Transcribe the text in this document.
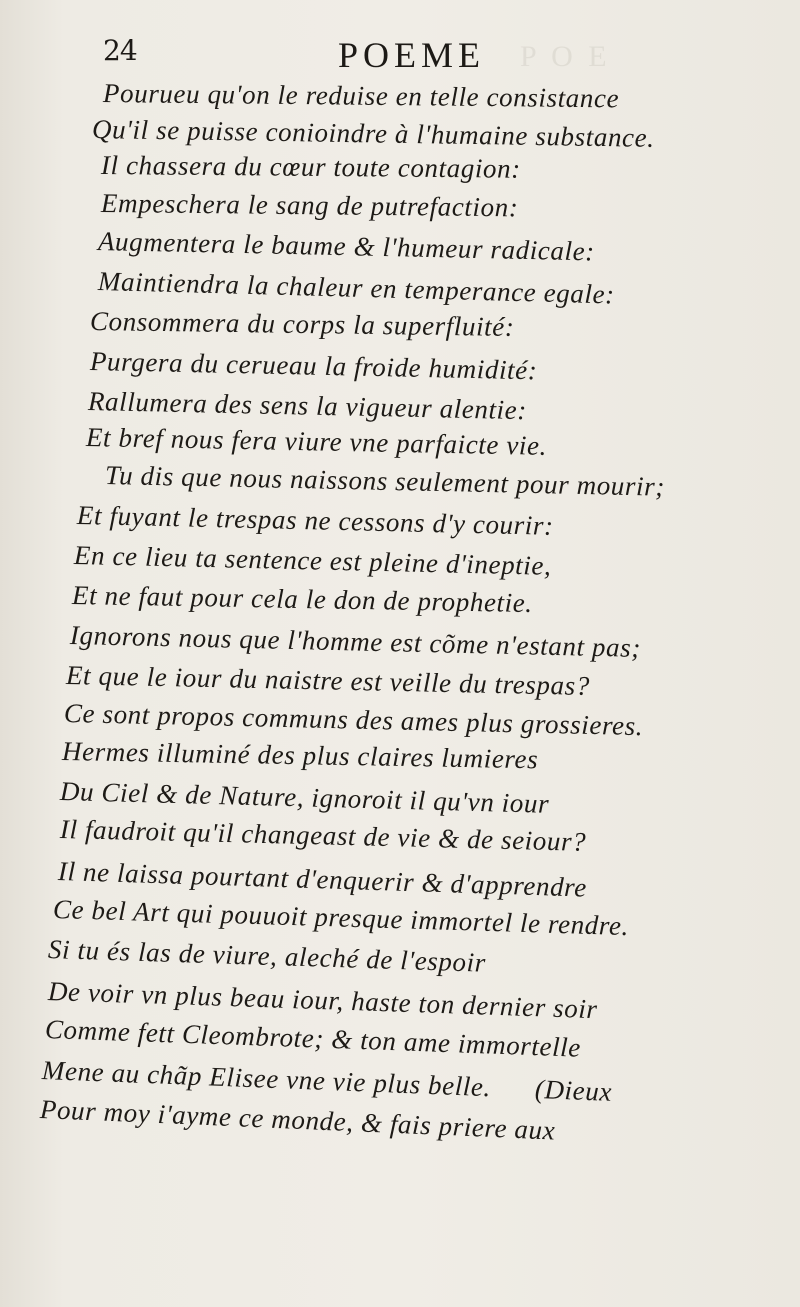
P O E
24	POEME
Pourueu qu'on le reduise en telle consistance
Qu'il se puisse conioindre à l'humaine substance.
Il chassera du cœur toute contagion:
Empeschera le sang de putrefaction:
Augmentera le baume & l'humeur radicale:
Maintiendra la chaleur en temperance egale:
Consommera du corps la superfluité:
Purgera du cerueau la froide humidité:
Rallumera des sens la vigueur alentie:
Et bref nous fera viure vne parfaicte vie.
Tu dis que nous naissons seulement pour mourir;
Et fuyant le trespas ne cessons d'y courir:
En ce lieu ta sentence est pleine d'ineptie,
Et ne faut pour cela le don de prophetie.
Ignorons nous que l'homme est cõme n'estant pas;
Et que le iour du naistre est veille du trespas?
Ce sont propos communs des ames plus grossieres.
Hermes illuminé des plus claires lumieres
Du Ciel & de Nature, ignoroit il qu'vn iour
Il faudroit qu'il changeast de vie & de seiour?
Il ne laissa pourtant d'enquerir & d'apprendre
Ce bel Art qui pouuoit presque immortel le rendre.
Si tu és las de viure, aleché de l'espoir
De voir vn plus beau iour, haste ton dernier soir
Comme fett Cleombrote; & ton ame immortelle
Mene au chãp Elisee vne vie plus belle.      (Dieux
Pour moy i'ayme ce monde, & fais priere aux
